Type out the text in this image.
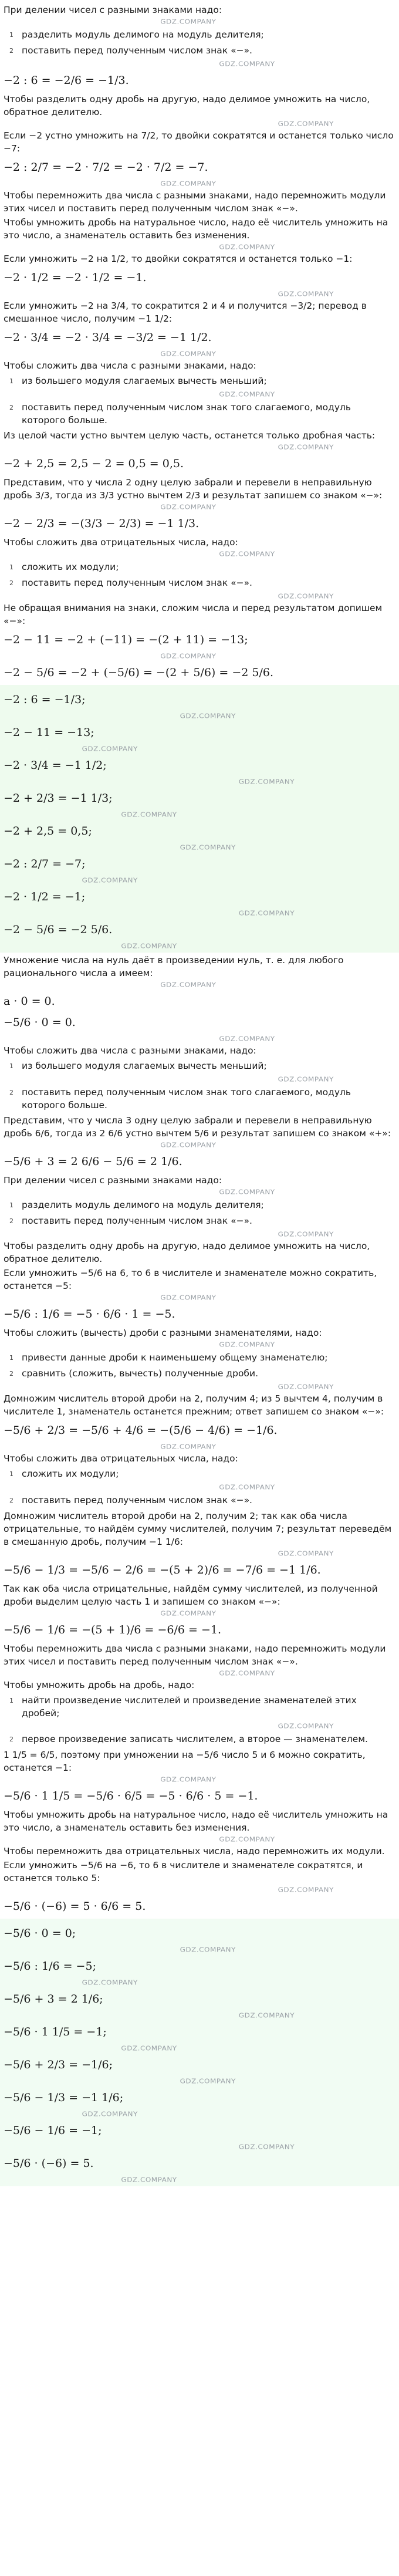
При делении чисел с разными знаками надо:
GDZ.COMPANY
1 разделить модуль делимого на модуль делителя;
2 поставить перед полученным числом знак «−».
GDZ.COMPANY
−2 : 6 = −2/6 = −1/3.
Чтобы разделить одну дробь на другую, надо делимое умножить на число, обратное делителю.
GDZ.COMPANY
Если −2 устно умножить на 7/2, то двойки сократятся и останется только число −7:
−2 : 2/7 = −2 · 7/2 = −2 · 7/2 = −7.
GDZ.COMPANY
Чтобы перемножить два числа с разными знаками, надо перемножить модули этих чисел и поставить перед полученным числом знак «−».
Чтобы умножить дробь на натуральное число, надо её числитель умножить на это число, а знаменатель оставить без изменения.
GDZ.COMPANY
Если умножить −2 на 1/2, то двойки сократятся и останется только −1:
−2 · 1/2 = −2 · 1/2 = −1.
GDZ.COMPANY
Если умножить −2 на 3/4, то сократится 2 и 4 и получится −3/2; перевод в смешанное число, получим −1 1/2:
−2 · 3/4 = −2 · 3/4 = −3/2 = −1 1/2.
GDZ.COMPANY
Чтобы сложить два числа с разными знаками, надо:
1 из большего модуля слагаемых вычесть меньший;
GDZ.COMPANY
2 поставить перед полученным числом знак того слагаемого, модуль которого больше.
Из целой части устно вычтем целую часть, останется только дробная часть:
GDZ.COMPANY
−2 + 2,5 = 2,5 − 2 = 0,5 = 0,5.
Представим, что у числа 2 одну целую забрали и перевели в неправильную дробь 3/3, тогда из 3/3 устно вычтем 2/3 и результат запишем со знаком «−»:
GDZ.COMPANY
−2 − 2/3 = −(3/3 − 2/3) = −1 1/3.
Чтобы сложить два отрицательных числа, надо:
GDZ.COMPANY
1 сложить их модули;
2 поставить перед полученным числом знак «−».
GDZ.COMPANY
Не обращая внимания на знаки, сложим числа и перед результатом допишем «−»:
−2 − 11 = −2 + (−11) = −(2 + 11) = −13;
GDZ.COMPANY
−2 − 5/6 = −2 + (−5/6) = −(2 + 5/6) = −2 5/6.
−2 : 6 = −1/3;
GDZ.COMPANY
−2 − 11 = −13;
GDZ.COMPANY
−2 · 3/4 = −1 1/2;
GDZ.COMPANY
−2 + 2/3 = −1 1/3;
GDZ.COMPANY
−2 + 2,5 = 0,5;
GDZ.COMPANY
−2 : 2/7 = −7;
GDZ.COMPANY
−2 · 1/2 = −1;
GDZ.COMPANY
−2 − 5/6 = −2 5/6.
GDZ.COMPANY
Умножение числа на нуль даёт в произведении нуль, т. е. для любого рационального числа a имеем:
GDZ.COMPANY
a · 0 = 0.
−5/6 · 0 = 0.
GDZ.COMPANY
Чтобы сложить два числа с разными знаками, надо:
1 из большего модуля слагаемых вычесть меньший;
GDZ.COMPANY
2 поставить перед полученным числом знак того слагаемого, модуль которого больше.
Представим, что у числа 3 одну целую забрали и перевели в неправильную дробь 6/6, тогда из 2 6/6 устно вычтем 5/6 и результат запишем со знаком «+»:
GDZ.COMPANY
−5/6 + 3 = 2 6/6 − 5/6 = 2 1/6.
При делении чисел с разными знаками надо:
GDZ.COMPANY
1 разделить модуль делимого на модуль делителя;
2 поставить перед полученным числом знак «−».
GDZ.COMPANY
Чтобы разделить одну дробь на другую, надо делимое умножить на число, обратное делителю.
Если умножить −5/6 на 6, то 6 в числителе и знаменателе можно сократить, останется −5:
GDZ.COMPANY
−5/6 : 1/6 = −5 · 6/6 · 1 = −5.
Чтобы сложить (вычесть) дроби с разными знаменателями, надо:
GDZ.COMPANY
1 привести данные дроби к наименьшему общему знаменателю;
2 сравнить (сложить, вычесть) полученные дроби.
GDZ.COMPANY
Домножим числитель второй дроби на 2, получим 4; из 5 вычтем 4, получим в числителе 1, знаменатель останется прежним; ответ запишем со знаком «−»:
−5/6 + 2/3 = −5/6 + 4/6 = −(5/6 − 4/6) = −1/6.
GDZ.COMPANY
Чтобы сложить два отрицательных числа, надо:
1 сложить их модули;
GDZ.COMPANY
2 поставить перед полученным числом знак «−».
Домножим числитель второй дроби на 2, получим 2; так как оба числа отрицательные, то найдём сумму числителей, получим 7; результат переведём в смешанную дробь, получим −1 1/6:
GDZ.COMPANY
−5/6 − 1/3 = −5/6 − 2/6 = −(5 + 2)/6 = −7/6 = −1 1/6.
Так как оба числа отрицательные, найдём сумму числителей, из полученной дроби выделим целую часть 1 и запишем со знаком «−»:
GDZ.COMPANY
−5/6 − 1/6 = −(5 + 1)/6 = −6/6 = −1.
Чтобы перемножить два числа с разными знаками, надо перемножить модули этих чисел и поставить перед полученным числом знак «−».
GDZ.COMPANY
Чтобы умножить дробь на дробь, надо:
1 найти произведение числителей и произведение знаменателей этих дробей;
GDZ.COMPANY
2 первое произведение записать числителем, а второе — знаменателем.
1 1/5 = 6/5, поэтому при умножении на −5/6 число 5 и 6 можно сократить, останется −1:
GDZ.COMPANY
−5/6 · 1 1/5 = −5/6 · 6/5 = −5 · 6/6 · 5 = −1.
Чтобы умножить дробь на натуральное число, надо её числитель умножить на это число, а знаменатель оставить без изменения.
GDZ.COMPANY
Чтобы перемножить два отрицательных числа, надо перемножить их модули.
Если умножить −5/6 на −6, то 6 в числителе и знаменателе сократятся, и останется только 5:
GDZ.COMPANY
−5/6 · (−6) = 5 · 6/6 = 5.
−5/6 · 0 = 0;
GDZ.COMPANY
−5/6 : 1/6 = −5;
GDZ.COMPANY
−5/6 + 3 = 2 1/6;
GDZ.COMPANY
−5/6 · 1 1/5 = −1;
GDZ.COMPANY
−5/6 + 2/3 = −1/6;
GDZ.COMPANY
−5/6 − 1/3 = −1 1/6;
GDZ.COMPANY
−5/6 − 1/6 = −1;
GDZ.COMPANY
−5/6 · (−6) = 5.
GDZ.COMPANY
